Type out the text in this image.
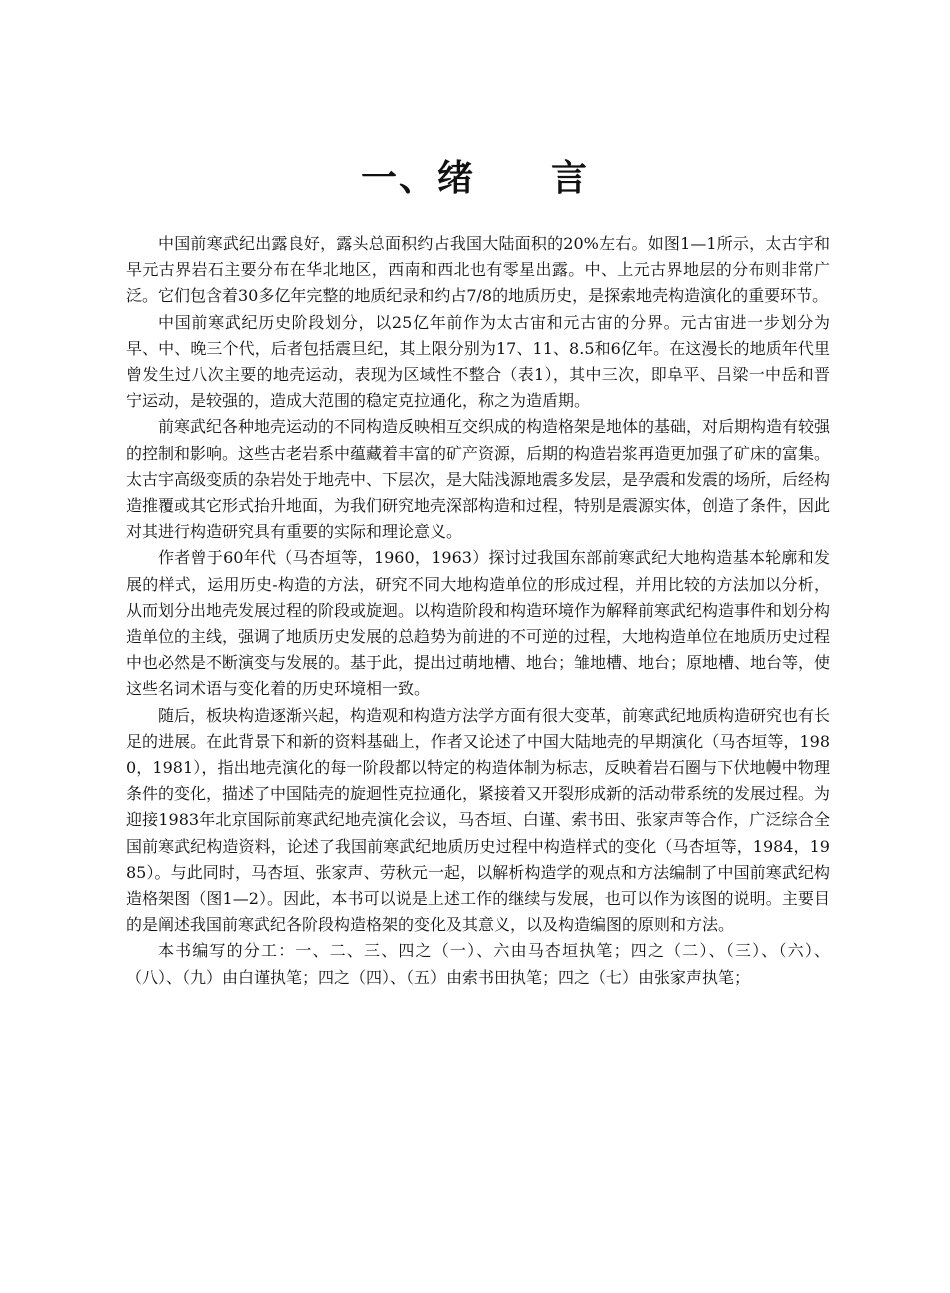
一、绪　　言

中国前寒武纪出露良好，露头总面积约占我国大陆面积的20%左右。如图1—1所示，太古宇和早元古界岩石主要分布在华北地区，西南和西北也有零星出露。中、上元古界地层的分布则非常广泛。它们包含着30多亿年完整的地质纪录和约占7/8的地质历史，是探索地壳构造演化的重要环节。

中国前寒武纪历史阶段划分，以25亿年前作为太古宙和元古宙的分界。元古宙进一步划分为早、中、晚三个代，后者包括震旦纪，其上限分别为17、11、8.5和6亿年。在这漫长的地质年代里曾发生过八次主要的地壳运动，表现为区域性不整合（表1），其中三次，即阜平、吕梁一中岳和晋宁运动，是较强的，造成大范围的稳定克拉通化，称之为造盾期。

前寒武纪各种地壳运动的不同构造反映相互交织成的构造格架是地体的基础，对后期构造有较强的控制和影响。这些古老岩系中蕴藏着丰富的矿产资源，后期的构造岩浆再造更加强了矿床的富集。太古宇高级变质的杂岩处于地壳中、下层次，是大陆浅源地震多发层，是孕震和发震的场所，后经构造推覆或其它形式抬升地面，为我们研究地壳深部构造和过程，特别是震源实体，创造了条件，因此对其进行构造研究具有重要的实际和理论意义。

作者曾于60年代（马杏垣等，1960，1963）探讨过我国东部前寒武纪大地构造基本轮廓和发展的样式，运用历史-构造的方法，研究不同大地构造单位的形成过程，并用比较的方法加以分析，从而划分出地壳发展过程的阶段或旋迴。以构造阶段和构造环境作为解释前寒武纪构造事件和划分构造单位的主线，强调了地质历史发展的总趋势为前进的不可逆的过程，大地构造单位在地质历史过程中也必然是不断演变与发展的。基于此，提出过萌地槽、地台；雏地槽、地台；原地槽、地台等，使这些名词术语与变化着的历史环境相一致。

随后，板块构造逐渐兴起，构造观和构造方法学方面有很大变革，前寒武纪地质构造研究也有长足的进展。在此背景下和新的资料基础上，作者又论述了中国大陆地壳的早期演化（马杏垣等，1980，1981），指出地壳演化的每一阶段都以特定的构造体制为标志，反映着岩石圈与下伏地幔中物理条件的变化，描述了中国陆壳的旋迴性克拉通化，紧接着又开裂形成新的活动带系统的发展过程。为迎接1983年北京国际前寒武纪地壳演化会议，马杏垣、白谨、索书田、张家声等合作，广泛综合全国前寒武纪构造资料，论述了我国前寒武纪地质历史过程中构造样式的变化（马杏垣等，1984，1985）。与此同时，马杏垣、张家声、劳秋元一起，以解析构造学的观点和方法编制了中国前寒武纪构造格架图（图1—2）。因此，本书可以说是上述工作的继续与发展，也可以作为该图的说明。主要目的是阐述我国前寒武纪各阶段构造格架的变化及其意义，以及构造编图的原则和方法。

本书编写的分工：一、二、三、四之（一）、六由马杏垣执笔；四之（二）、（三）、（六）、（八）、（九）由白谨执笔；四之（四）、（五）由索书田执笔；四之（七）由张家声执笔；
